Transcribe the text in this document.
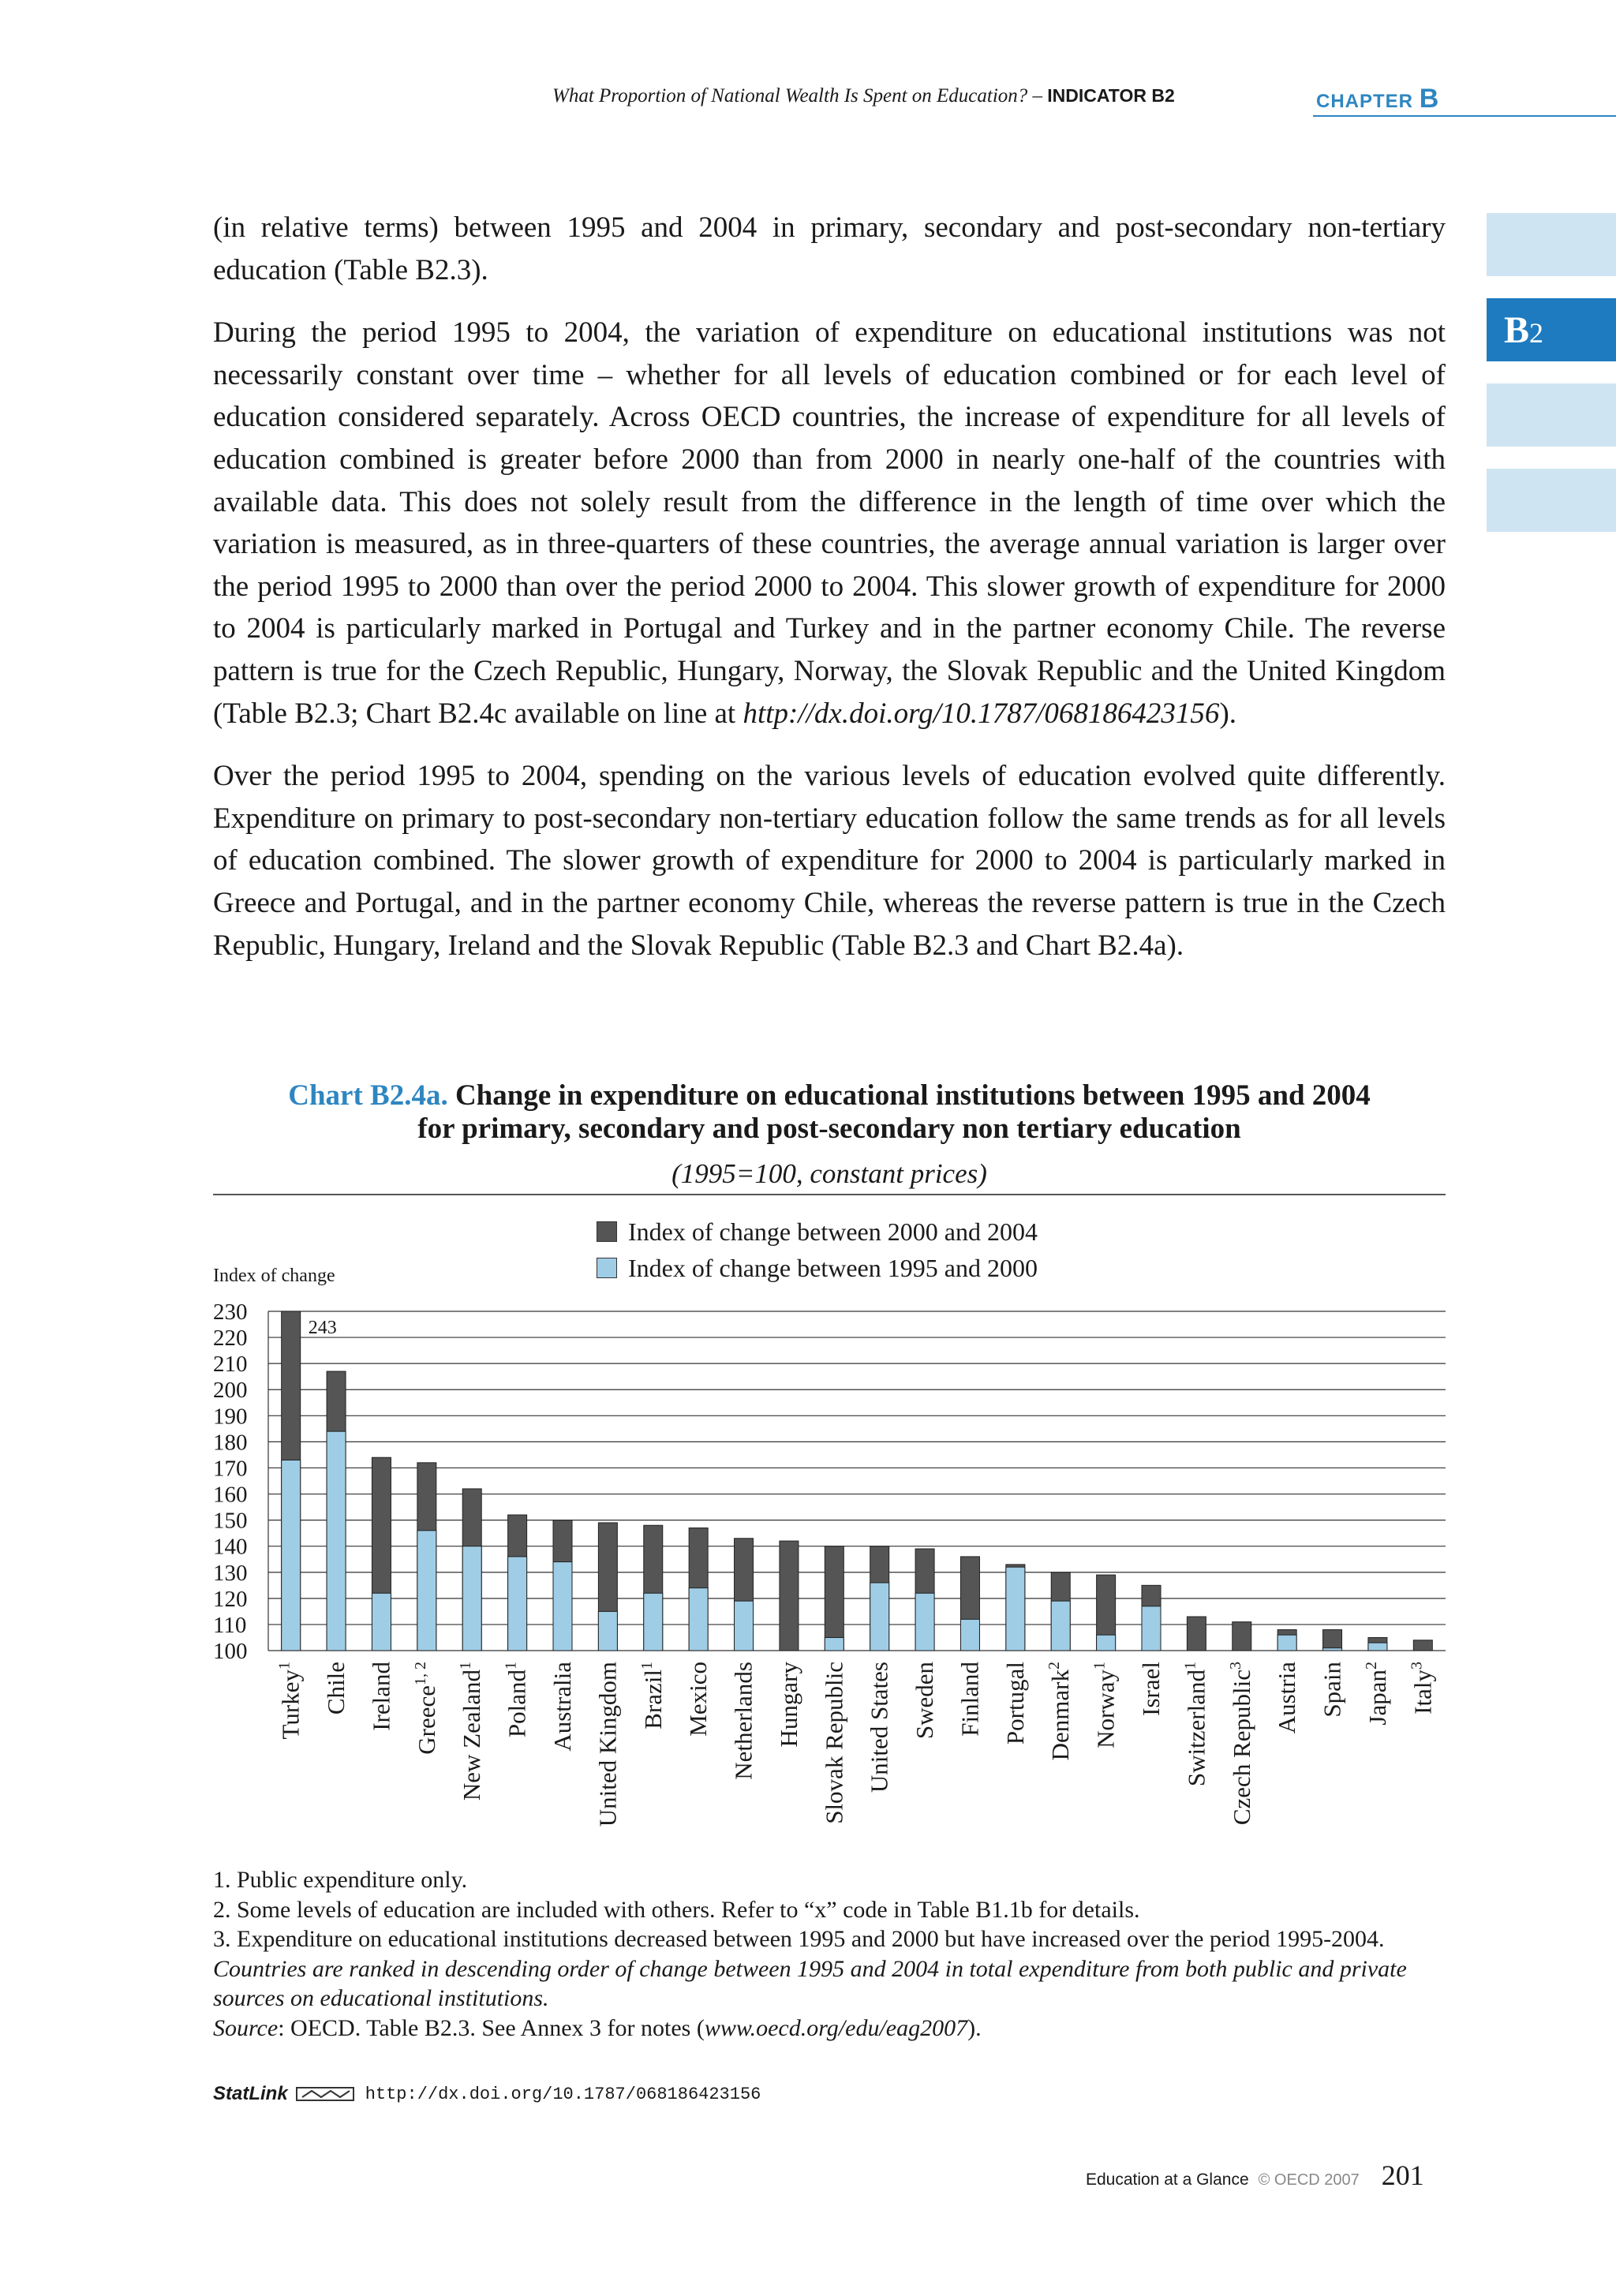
What Proportion of National Wealth Is Spent on Education? – INDICATOR B2	CHAPTER B
B 2

(in relative terms) between 1995 and 2004 in primary, secondary and post-secondary non-tertiary education (Table B2.3).

During the period 1995 to 2004, the variation of expenditure on educational institutions was not necessarily constant over time – whether for all levels of education combined or for each level of education considered separately. Across OECD countries, the increase of expenditure for all levels of education combined is greater before 2000 than from 2000 in nearly one-half of the countries with available data. This does not solely result from the difference in the length of time over which the variation is measured, as in three-quarters of these countries, the average annual variation is larger over the period 1995 to 2000 than over the period 2000 to 2004. This slower growth of expenditure for 2000 to 2004 is particularly marked in Portugal and Turkey and in the partner economy Chile. The reverse pattern is true for the Czech Republic, Hungary, Norway, the Slovak Republic and the United Kingdom (Table B2.3; Chart B2.4c available on line at http://dx.doi.org/10.1787/068186423156).

Over the period 1995 to 2004, spending on the various levels of education evolved quite differently. Expenditure on primary to post-secondary non-tertiary education follow the same trends as for all levels of education combined. The slower growth of expenditure for 2000 to 2004 is particularly marked in Greece and Portugal, and in the partner economy Chile, whereas the reverse pattern is true in the Czech Republic, Hungary, Ireland and the Slovak Republic (Table B2.3 and Chart B2.4a).

Chart B2.4a. Change in expenditure on educational institutions between 1995 and 2004
for primary, secondary and post-secondary non tertiary education
(1995=100, constant prices)
Index of change between 2000 and 2004
Index of change between 1995 and 2000
Index of change
100
110
120
130
140
150
160
170
180
190
200
210
220
230
Turkey$^1$	Chile Ireland Greece$^{1, 2}$	New Zealand$^1$
Poland$^1$	Australia United Kingdom Brazil$^1$	Mexico Netherlands Hungary Slovak Republic United States Sweden Finland Portugal Denmark$^2$
Norway$^1$	Israel Switzerland$^1$
Czech Republic$^3$	Austria Spain Japan$^2$
Italy$^3$
243
1. Public expenditure only.
2. Some levels of education are included with others. Refer to “x” code in Table B1.1b for details.
3. Expenditure on educational institutions decreased between 1995 and 2000 but have increased over the period 1995-2004.
Countries are ranked in descending order of change between 1995 and 2004 in total expenditure from both public and private sources on educational institutions.
Source: OECD. Table B2.3. See Annex 3 for notes (www.oecd.org/edu/eag2007).
StatLink	http://dx.doi.org/10.1787/068186423156
Education at a Glance © OECD 2007 201
